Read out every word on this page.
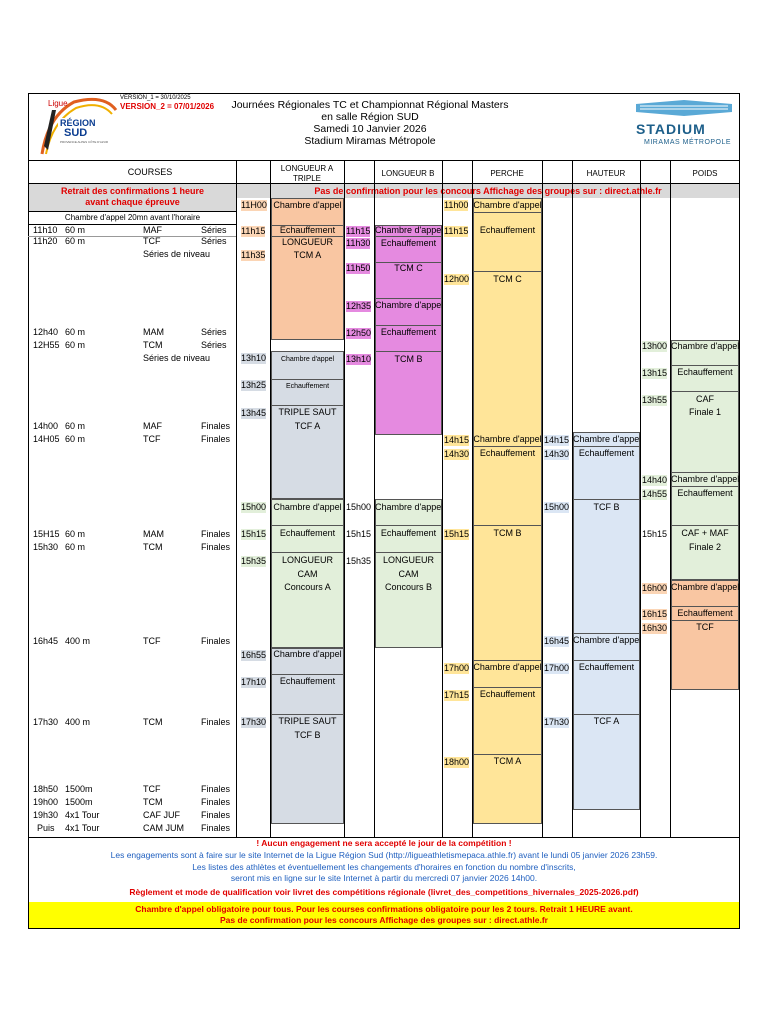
Ligue
RÉGION
SUD
PROVENCE ALPES CÔTE D'AZUR
VERSION_1 = 30/10/2025
VERSION_2 = 07/01/2026 Journées Régionales TC et Championnat Régional Masters
en salle Région SUD
Samedi 10 Janvier 2026
Stadium Miramas Métropole
STADIUM
MIRAMAS MÉTROPOLE
COURSES	LONGUEUR A
TRIPLE
LONGUEUR B	PERCHE	HAUTEUR	POIDS
Retrait des confirmations 1 heure
avant chaque épreuve
Pas de confirmation pour les concours Affichage des groupes sur : direct.athle.fr
Chambre d'appel 20mn avant l'horaire
11h10 60 m	MAF	Séries
11h20 60 m	TCF	Séries
Séries de niveau
12h40 60 m	MAM	Séries
12H55 60 m	TCM	Séries
Séries de niveau
14h00 60 m	MAF	Finales
14H05 60 m	TCF	Finales
15H15 60 m	MAM	Finales
15h30 60 m	TCM	Finales
16h45 400 m	TCF	Finales
17h30 400 m	TCM	Finales
18h50 1500m	TCF	Finales
19h00 1500m	TCM	Finales
19h30 4x1 Tour	CAF JUF Finales
Puis 4x1 Tour	CAM JUM Finales
11H00 Chambre d'appel
11h15	Echauffement
11h35
LONGUEUR
TCM A
13h10	Chambre d'appel
13h25	Echauffement
13h45	TRIPLE SAUT
TCF A
15h00 Chambre d'appel
15h15	Echauffement
15h35	LONGUEUR
CAM
Concours A
16h55 Chambre d'appel
17h10	Echauffement
17h30	TRIPLE SAUT
TCF B
11h15 Chambre d'appel
11h30	Echauffement
11h50	TCM C
12h35 Chambre d'appel
12h50	Echauffement
13h10	TCM B
15h00 Chambre d'appel
15h15	Echauffement
15h35	LONGUEUR
CAM
Concours B
11h00 Chambre d'appel
11h15	Echauffement
12h00	TCM C
14h15 Chambre d'appel
14h30	Echauffement
15h15	TCM B
17h00 Chambre d'appel
17h15	Echauffement
18h00	TCM A
14h15 Chambre d'appel
14h30	Echauffement
15h00	TCF B
16h45 Chambre d'appel
17h00	Echauffement
17h30	TCF A
13h00 Chambre d'appel
13h15	Echauffement
13h55	CAF
Finale 1
14h40 Chambre d'appel
14h55	Echauffement
15h15	CAF + MAF
Finale 2
16h00 Chambre d'appel
16h15	Echauffement
16h30	TCF
! Aucun engagement ne sera accepté le jour de la compétition !
Les engagements sont à faire sur le site Internet de la Ligue Région Sud (http://ligueathletismepaca.athle.fr) avant le lundi 05 janvier 2026 23h59.
Les listes des athlètes et éventuellement les changements d'horaires en fonction du nombre d'inscrits,
seront mis en ligne sur le site Internet à partir du mercredi 07 janvier 2026 14h00.
Règlement et mode de qualification voir livret des compétitions régionale (livret_des_competitions_hivernales_2025-2026.pdf)
Chambre d'appel obligatoire pour tous. Pour les courses confirmations obligatoire pour les 2 tours. Retrait 1 HEURE avant.
Pas de confirmation pour les concours Affichage des groupes sur : direct.athle.fr
